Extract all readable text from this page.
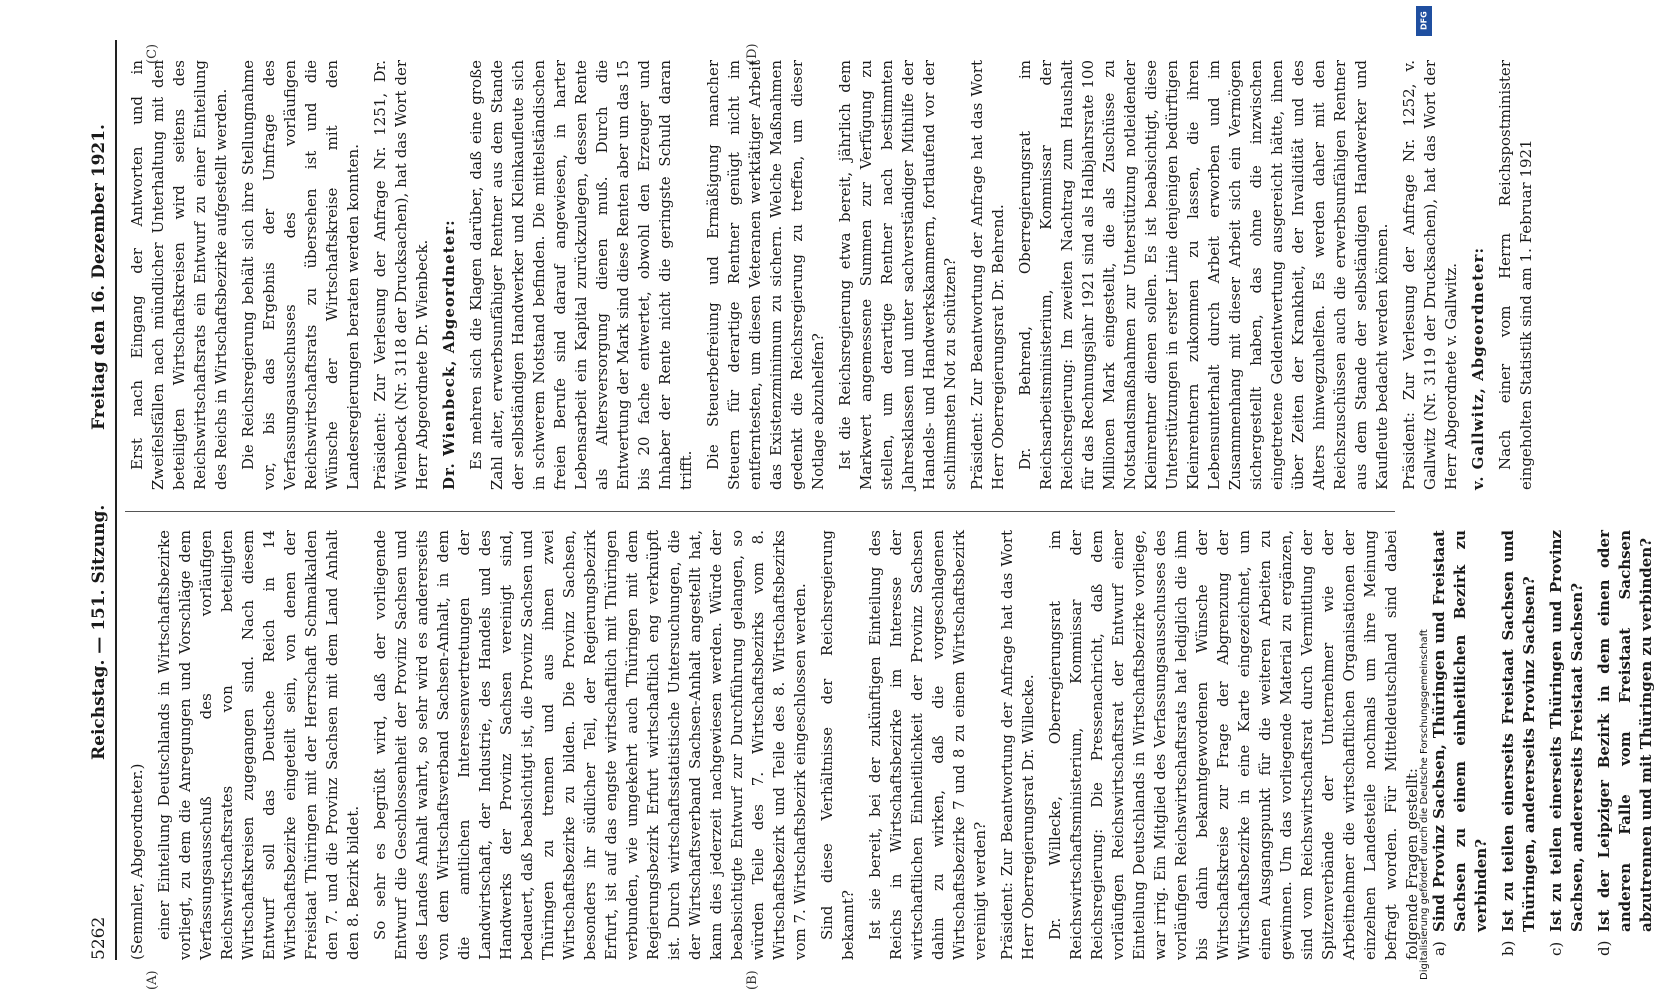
5262
Reichstag. — 151. Sitzung.
Freitag den 16. Dezember 1921.

(Semmler, Abgeordneter.) einer Einteilung Deutschlands in Wirtschaftsbezirke vorliegt, zu dem die Anregungen und Vorschläge dem Verfassungsausschuß des vorläufigen Reichswirtschaftsrates von beteiligten Wirtschaftskreisen zugegangen sind. Nach diesem Entwurf soll das Deutsche Reich in 14 Wirtschaftsbezirke eingeteilt sein, von denen der Freistaat Thüringen mit der Herrschaft Schmalkalden den 7. und die Provinz Sachsen mit dem Land Anhalt den 8. Bezirk bildet. So sehr es begrüßt wird, daß der vorliegende Entwurf die Geschlossenheit der Provinz Sachsen und des Landes Anhalt wahrt, so sehr wird es andererseits von dem Wirtschaftsverband Sachsen-Anhalt, in dem die amtlichen Interessenvertretungen der Landwirtschaft, der Industrie, des Handels und des Handwerks der Provinz Sachsen vereinigt sind, bedauert, daß beabsichtigt ist, die Provinz Sachsen und Thüringen zu trennen und aus ihnen zwei Wirtschaftsbezirke zu bilden. Die Provinz Sachsen, besonders ihr südlicher Teil, der Regierungsbezirk Erfurt, ist auf das engste wirtschaftlich mit Thüringen verbunden, wie umgekehrt auch Thüringen mit dem Regierungsbezirk Erfurt wirtschaftlich eng verknüpft ist. Durch wirtschaftsstatistische Untersuchungen, die der Wirtschaftsverband Sachsen-Anhalt angestellt hat, kann dies jederzeit nachgewiesen werden. Würde der beabsichtigte Entwurf zur Durchführung gelangen, so würden Teile des 7. Wirtschaftsbezirks vom 8. Wirtschaftsbezirk und Teile des 8. Wirtschaftsbezirks vom 7. Wirtschaftsbezirk eingeschlossen werden. Sind diese Verhältnisse der Reichsregierung bekannt? Ist sie bereit, bei der zukünftigen Einteilung des Reichs in Wirtschaftsbezirke im Interesse der wirtschaftlichen Einheitlichkeit der Provinz Sachsen dahin zu wirken, daß die vorgeschlagenen Wirtschaftsbezirke 7 und 8 zu einem Wirtschaftsbezirk vereinigt werden? Präsident: Zur Beantwortung der Anfrage hat das Wort Herr Oberregierungsrat Dr. Willecke. Dr. Willecke, Oberregierungsrat im Reichswirtschaftsministerium, Kommissar der Reichsregierung: Die Pressenachricht, daß dem vorläufigen Reichswirtschaftsrat der Entwurf einer Einteilung Deutschlands in Wirtschaftsbezirke vorliege, war irrig. Ein Mitglied des Verfassungsausschusses des vorläufigen Reichswirtschaftsrats hat lediglich die ihm bis dahin bekanntgewordenen Wünsche der Wirtschaftskreise zur Frage der Abgrenzung der Wirtschaftsbezirke in eine Karte eingezeichnet, um einen Ausgangspunkt für die weiteren Arbeiten zu gewinnen. Um das vorliegende Material zu ergänzen, sind vom Reichswirtschaftsrat durch Vermittlung der Spitzenverbände der Unternehmer wie der Arbeitnehmer die wirtschaftlichen Organisationen der einzelnen Landesteile nochmals um ihre Meinung befragt worden. Für Mitteldeutschland sind dabei folgende Fragen gestellt: a)
Sind Provinz Sachsen, Thüringen und Freistaat Sachsen zu einem einheitlichen Bezirk zu verbinden?

b)
Ist zu teilen einerseits Freistaat Sachsen und Thüringen, andererseits Provinz Sachsen?

c)
Ist zu teilen einerseits Thüringen und Provinz Sachsen, andererseits Freistaat Sachsen?

d)
Ist der Leipziger Bezirk in dem einen oder anderen Falle vom Freistaat Sachsen abzutrennen und mit Thüringen zu verbinden?

Erst nach Eingang der Antworten und in Zweifelsfällen nach mündlicher Unterhaltung mit den beteiligten Wirtschaftskreisen wird seitens des Reichswirtschaftsrats ein Entwurf zu einer Einteilung des Reichs in Wirtschaftsbezirke aufgestellt werden. Die Reichsregierung behält sich ihre Stellungnahme vor, bis das Ergebnis der Umfrage des Verfassungsausschusses des vorläufigen Reichswirtschaftsrats zu übersehen ist und die Wünsche der Wirtschaftskreise mit den Landesregierungen beraten werden konnten. Präsident: Zur Verlesung der Anfrage Nr. 1251, Dr. Wienbeck (Nr. 3118 der Drucksachen), hat das Wort der Herr Abgeordnete Dr. Wienbeck. Dr. Wienbeck, Abgeordneter: Es mehren sich die Klagen darüber, daß eine große Zahl alter, erwerbsunfähiger Rentner aus dem Stande der selbständigen Handwerker und Kleinkaufleute sich in schwerem Notstand befinden. Die mittelständischen freien Berufe sind darauf angewiesen, in harter Lebensarbeit ein Kapital zurückzulegen, dessen Rente als Altersversorgung dienen muß. Durch die Entwertung der Mark sind diese Renten aber um das 15 bis 20 fache entwertet, obwohl den Erzeuger und Inhaber der Rente nicht die geringste Schuld daran trifft.

Die Steuerbefreiung und Ermäßigung mancher Steuern für derartige Rentner genügt nicht im entferntesten, um diesen Veteranen werktätiger Arbeit das Existenzminimum zu sichern. Welche Maßnahmen gedenkt die Reichsregierung zu treffen, um dieser Notlage abzuhelfen? Ist die Reichsregierung etwa bereit, jährlich dem Markwert angemessene Summen zur Verfügung zu stellen, um derartige Rentner nach bestimmten Jahresklassen und unter sachverständiger Mithilfe der Handels- und Handwerkskammern, fortlaufend vor der schlimmsten Not zu schützen? Präsident: Zur Beantwortung der Anfrage hat das Wort Herr Oberregierungsrat Dr. Behrend. Dr. Behrend, Oberregierungsrat im Reichsarbeitsministerium, Kommissar der Reichsregierung: Im zweiten Nachtrag zum Haushalt für das Rechnungsjahr 1921 sind als Halbjahrsrate 100 Millionen Mark eingestellt, die als Zuschüsse zu Notstandsmaßnahmen zur Unterstützung notleidender Kleinrentner dienen sollen. Es ist beabsichtigt, diese Unterstützungen in erster Linie denjenigen bedürftigen Kleinrentnern zukommen zu lassen, die ihren Lebensunterhalt durch Arbeit erworben und im Zusammenhang mit dieser Arbeit sich ein Vermögen sichergestellt haben, das ohne die inzwischen eingetretene Geldentwertung ausgereicht hätte, ihnen über Zeiten der Krankheit, der Invalidität und des Alters hinwegzuhelfen. Es werden daher mit den Reichszuschüssen auch die erwerbsunfähigen Rentner aus dem Stande der selbständigen Handwerker und Kaufleute bedacht werden können. Präsident: Zur Verlesung der Anfrage Nr. 1252, v. Gallwitz (Nr. 3119 der Drucksachen), hat das Wort der Herr Abgeordnete v. Gallwitz. v. Gallwitz, Abgeordneter: Nach einer vom Herrn Reichspostminister eingeholten Statistik sind am 1. Februar 1921

(A)	(B)
(C)	(D)
DFG
Digitalisierung gefördert durch die Deutsche Forschungsgemeinschaft
